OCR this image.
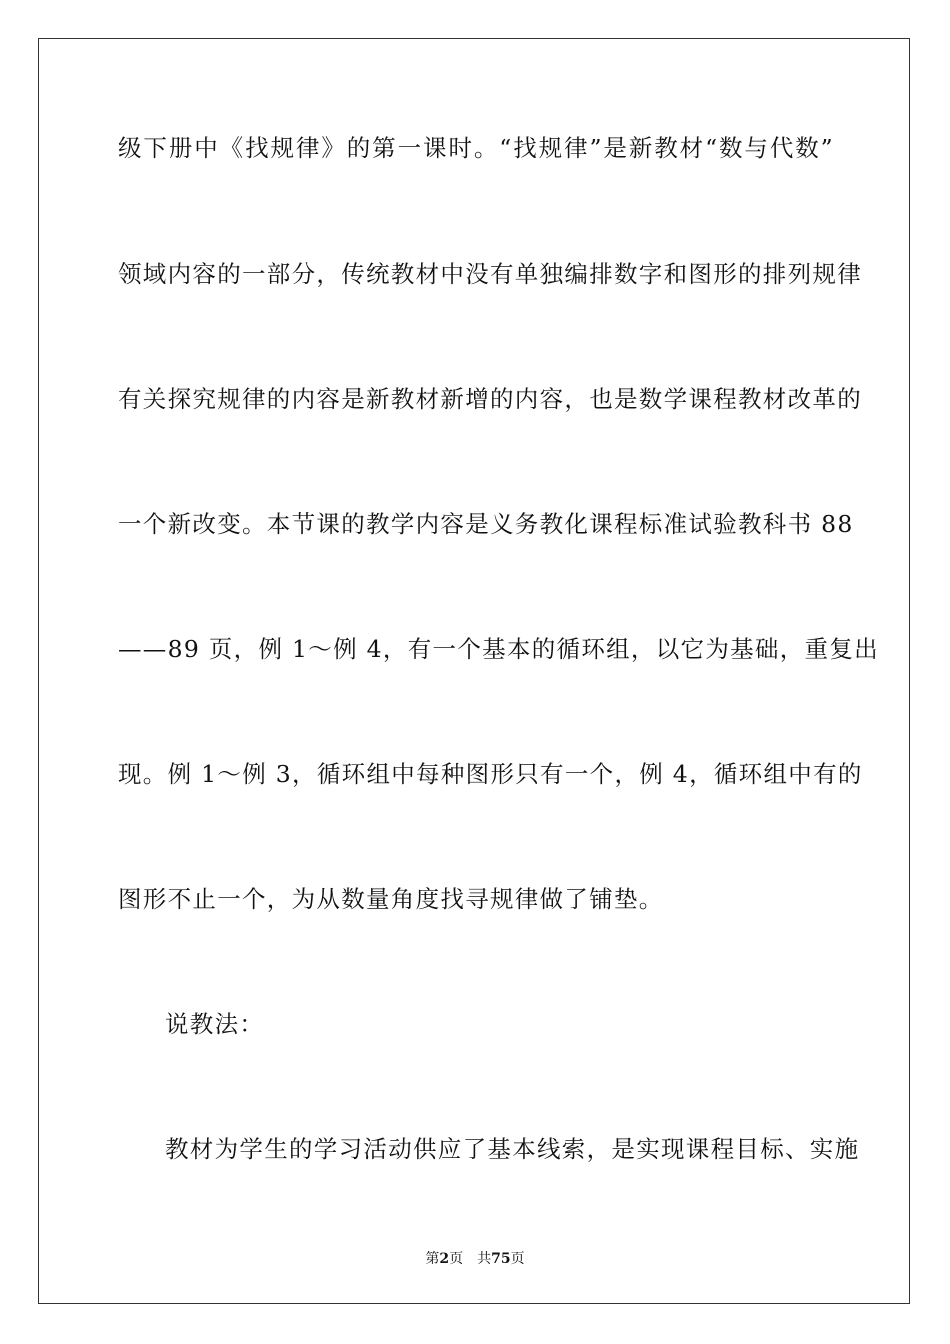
级下册中《找规律》的第一课时。“找规律”是新教材“数与代数”
领域内容的一部分，传统教材中没有单独编排数字和图形的排列规律
有关探究规律的内容是新教材新增的内容，也是数学课程教材改革的
一个新改变。本节课的教学内容是义务教化课程标准试验教科书 88
——89 页，例 1～例 4，有一个基本的循环组，以它为基础，重复出
现。例 1～例 3，循环组中每种图形只有一个，例 4，循环组中有的
图形不止一个，为从数量角度找寻规律做了铺垫。
说教法：
教材为学生的学习活动供应了基本线索，是实现课程目标、实施
第2页 共75页
